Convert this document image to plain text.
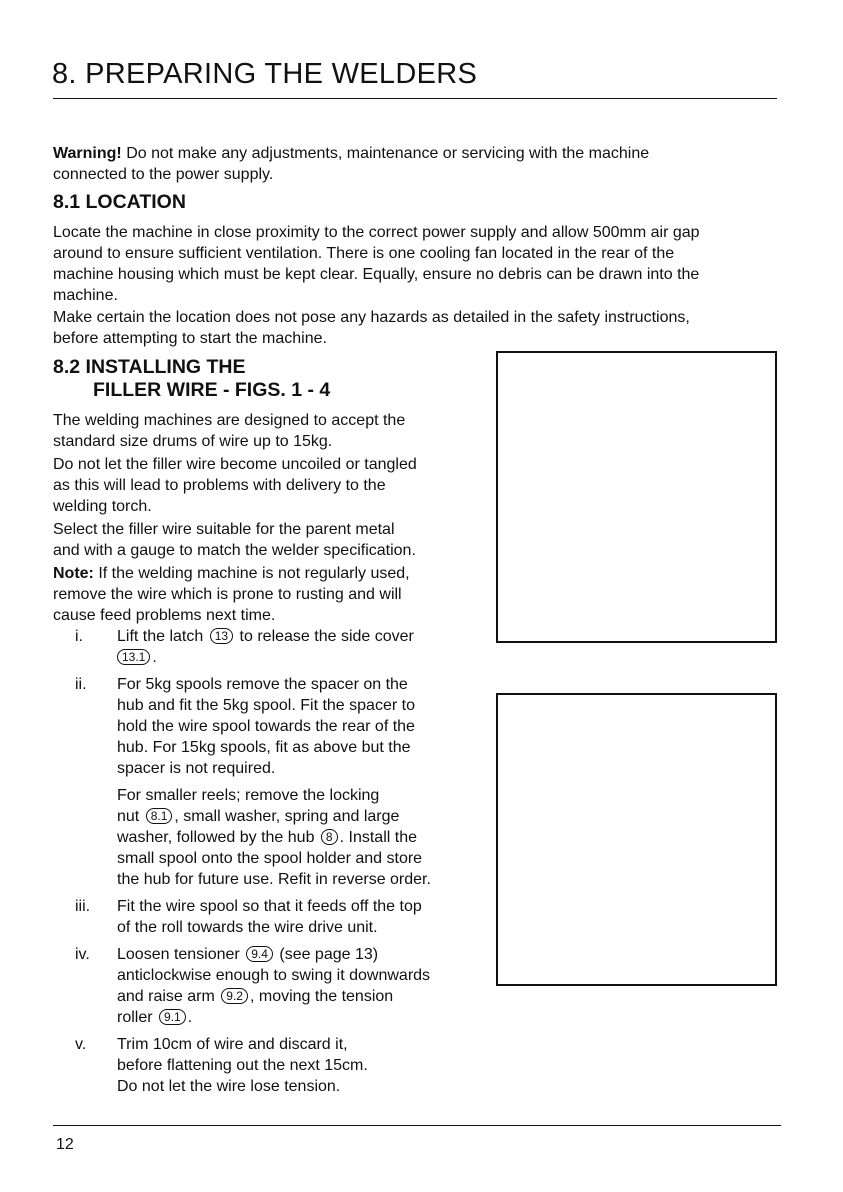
8. PREPARING THE WELDERS

Warning! Do not make any adjustments, maintenance or servicing with the machine
connected to the power supply.

8.1 LOCATION

Locate the machine in close proximity to the correct power supply and allow 500mm air gap
around to ensure sufficient ventilation. There is one cooling fan located in the rear of the
machine housing which must be kept clear. Equally, ensure no debris can be drawn into the
machine.

Make certain the location does not pose any hazards as detailed in the safety instructions,
before attempting to start the machine.

8.2 INSTALLING THE
FILLER WIRE - FIGS. 1 - 4

The welding machines are designed to accept the
standard size drums of wire up to 15kg.

Do not let the filler wire become uncoiled or tangled
as this will lead to problems with delivery to the
welding torch.

Select the filler wire suitable for the parent metal
and with a gauge to match the welder specification.

Note: If the welding machine is not regularly used,
remove the wire which is prone to rusting and will
cause feed problems next time.

i. Lift the latch 13 to release the side cover
13.1 .
ii. For 5kg spools remove the spacer on the
hub and fit the 5kg spool. Fit the spacer to
hold the wire spool towards the rear of the
hub. For 15kg spools, fit as above but the
spacer is not required.
For smaller reels; remove the locking
nut 8.1 , small washer, spring and large
washer, followed by the hub 8 . Install the
small spool onto the spool holder and store
the hub for future use. Refit in reverse order.
iii. Fit the wire spool so that it feeds off the top
of the roll towards the wire drive unit.
iv. Loosen tensioner 9.4 (see page 13)
anticlockwise enough to swing it downwards
and raise arm 9.2 , moving the tension
roller 9.1 .
v. Trim 10cm of wire and discard it,
before flattening out the next 15cm.
Do not let the wire lose tension.

12
